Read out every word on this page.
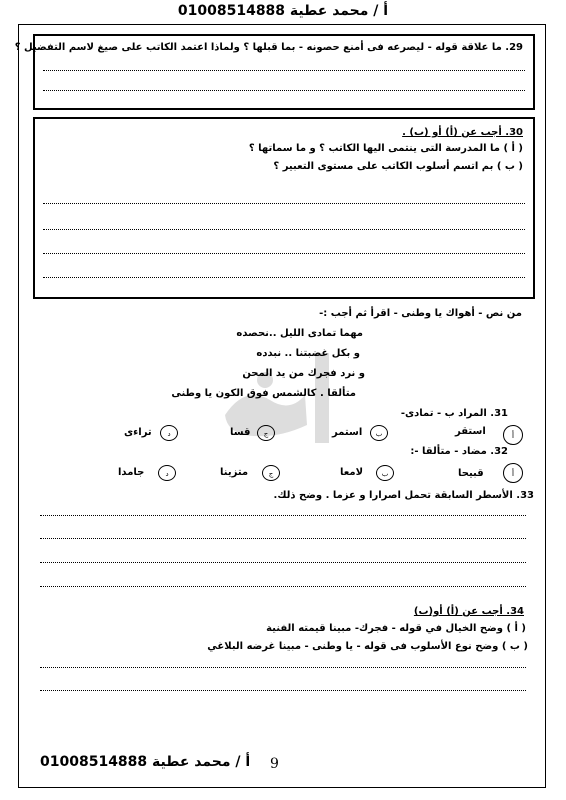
أ / محمد عطية 01008514888
29. ما علاقة قوله - ليصرعه فى أمنع حصونه - بما قبلها ؟ ولماذا اعتمد الكاتب على صيغ لاسم التفضيل ؟
30. أجب عن (أ) أو (ب) .
( أ ) ما المدرسة التى ينتمى اليها الكاتب ؟ و ما سماتها ؟
( ب ) بم اتسم أسلوب الكاتب على مستوى التعبير ؟
من نص - أهواك يا وطنى - اقرأ ثم أجب :-
مهما تمادى الليل ..نحصده
و بكل غضبتنا .. نبدده
و نرد فجرك من يد المحن
متألقا . كالشمس فوق الكون يا وطنى
31. المراد ب - تمادى-
أ
استقر
ب
استمر
ج
قسا
د
تراءى
32. مضاد - متألقا -:
أ
قبيحا
ب
لامعا
ج
متزينا
د
جامدا
33. الأسطر السابقة تحمل اصرارا و عزما . وضح ذلك.
34. أجب عن (أ) أو(ب)
( أ ) وضح الخيال في قوله - فجرك- مبينا قيمته الفنية
( ب ) وضح نوع الأسلوب فى قوله - يا وطنى - مبينا غرضه البلاغي
أ / محمد عطية 01008514888 9
